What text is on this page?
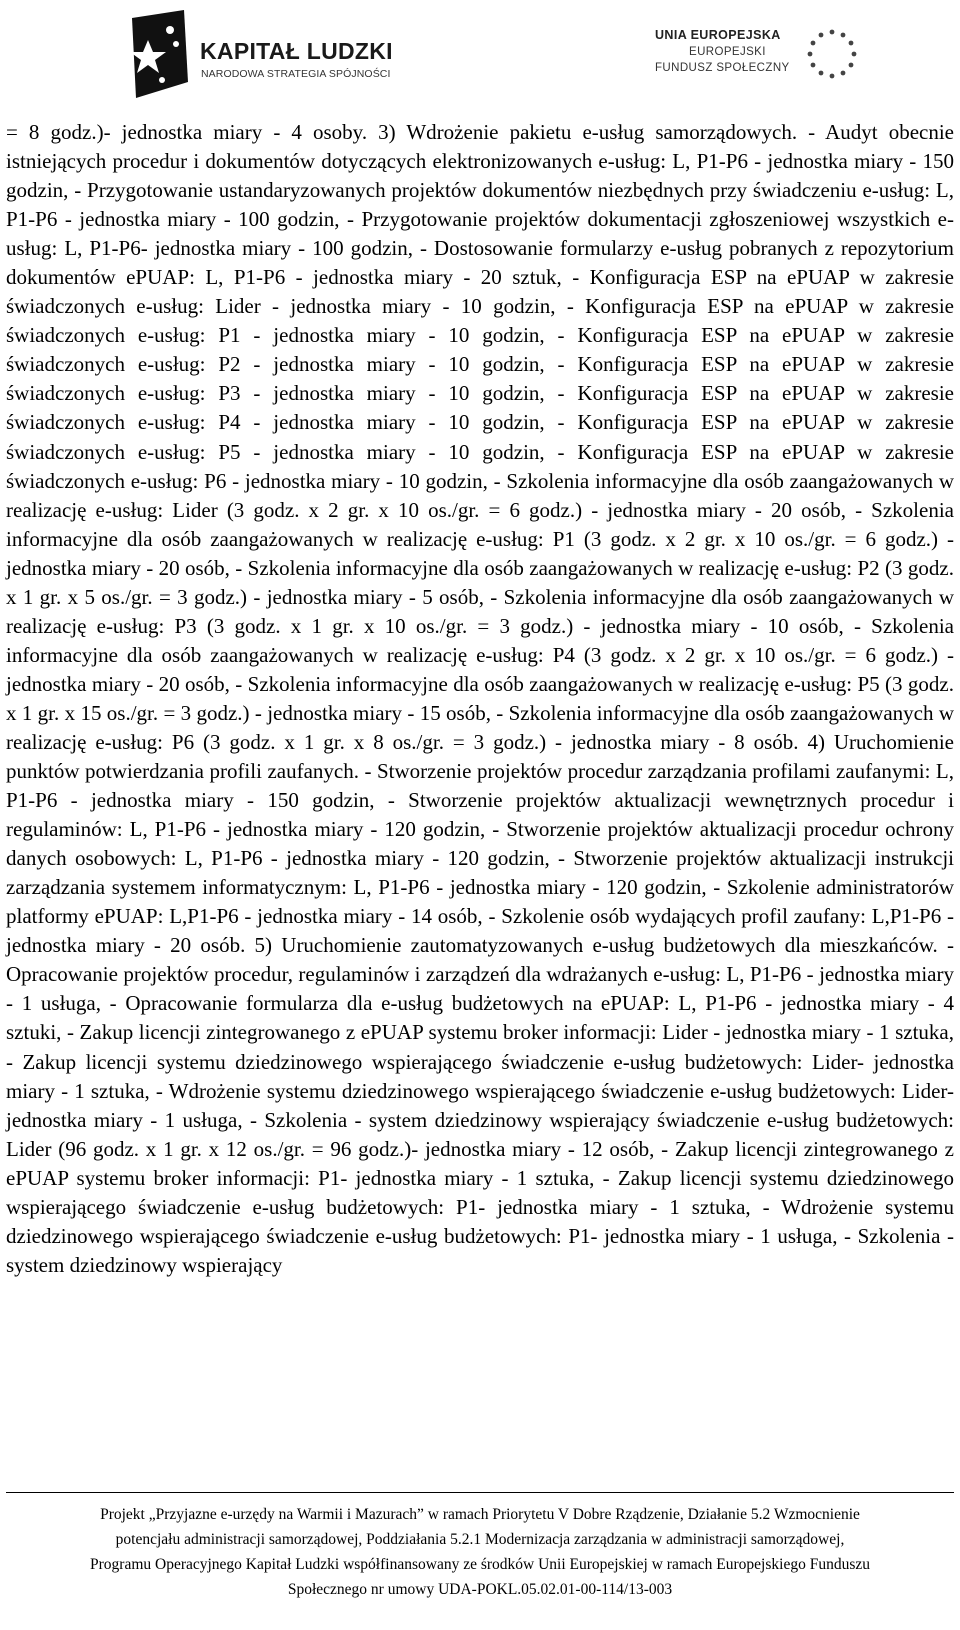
KAPITAŁ LUDZKI
NARODOWA STRATEGIA SPÓJNOŚCI
UNIA EUROPEJSKA
EUROPEJSKI
FUNDUSZ SPOŁECZNY

= 8 godz.)- jednostka miary - 4 osoby. 3) Wdrożenie pakietu e-usług samorządowych. - Audyt obecnie istniejących procedur i dokumentów dotyczących elektronizowanych e-usług: L, P1-P6 - jednostka miary - 150 godzin, - Przygotowanie ustandaryzowanych projektów dokumentów niezbędnych przy świadczeniu e-usług: L, P1-P6 - jednostka miary - 100 godzin, - Przygotowanie projektów dokumentacji zgłoszeniowej wszystkich e-usług: L, P1-P6- jednostka miary - 100 godzin, - Dostosowanie formularzy e-usług pobranych z repozytorium dokumentów ePUAP: L, P1-P6 - jednostka miary - 20 sztuk, - Konfiguracja ESP na ePUAP w zakresie świadczonych e-usług: Lider - jednostka miary - 10 godzin, - Konfiguracja ESP na ePUAP w zakresie świadczonych e-usług: P1 - jednostka miary - 10 godzin, - Konfiguracja ESP na ePUAP w zakresie świadczonych e-usług: P2 - jednostka miary - 10 godzin, - Konfiguracja ESP na ePUAP w zakresie świadczonych e-usług: P3 - jednostka miary - 10 godzin, - Konfiguracja ESP na ePUAP w zakresie świadczonych e-usług: P4 - jednostka miary - 10 godzin, - Konfiguracja ESP na ePUAP w zakresie świadczonych e-usług: P5 - jednostka miary - 10 godzin, - Konfiguracja ESP na ePUAP w zakresie świadczonych e-usług: P6 - jednostka miary - 10 godzin, - Szkolenia informacyjne dla osób zaangażowanych w realizację e-usług: Lider (3 godz. x 2 gr. x 10 os./gr. = 6 godz.) - jednostka miary - 20 osób, - Szkolenia informacyjne dla osób zaangażowanych w realizację e-usług: P1 (3 godz. x 2 gr. x 10 os./gr. = 6 godz.) - jednostka miary - 20 osób, - Szkolenia informacyjne dla osób zaangażowanych w realizację e-usług: P2 (3 godz. x 1 gr. x 5 os./gr. = 3 godz.) - jednostka miary - 5 osób, - Szkolenia informacyjne dla osób zaangażowanych w realizację e-usług: P3 (3 godz. x 1 gr. x 10 os./gr. = 3 godz.) - jednostka miary - 10 osób, - Szkolenia informacyjne dla osób zaangażowanych w realizację e-usług: P4 (3 godz. x 2 gr. x 10 os./gr. = 6 godz.) - jednostka miary - 20 osób, - Szkolenia informacyjne dla osób zaangażowanych w realizację e-usług: P5 (3 godz. x 1 gr. x 15 os./gr. = 3 godz.) - jednostka miary - 15 osób, - Szkolenia informacyjne dla osób zaangażowanych w realizację e-usług: P6 (3 godz. x 1 gr. x 8 os./gr. = 3 godz.) - jednostka miary - 8 osób. 4) Uruchomienie punktów potwierdzania profili zaufanych. - Stworzenie projektów procedur zarządzania profilami zaufanymi: L, P1-P6 - jednostka miary - 150 godzin, - Stworzenie projektów aktualizacji wewnętrznych procedur i regulaminów: L, P1-P6 - jednostka miary - 120 godzin, - Stworzenie projektów aktualizacji procedur ochrony danych osobowych: L, P1-P6 - jednostka miary - 120 godzin, - Stworzenie projektów aktualizacji instrukcji zarządzania systemem informatycznym: L, P1-P6 - jednostka miary - 120 godzin, - Szkolenie administratorów platformy ePUAP: L,P1-P6 - jednostka miary - 14 osób, - Szkolenie osób wydających profil zaufany: L,P1-P6 - jednostka miary - 20 osób. 5) Uruchomienie zautomatyzowanych e-usług budżetowych dla mieszkańców. - Opracowanie projektów procedur, regulaminów i zarządzeń dla wdrażanych e-usług: L, P1-P6 - jednostka miary - 1 usługa, - Opracowanie formularza dla e-usług budżetowych na ePUAP: L, P1-P6 - jednostka miary - 4 sztuki, - Zakup licencji zintegrowanego z ePUAP systemu broker informacji: Lider - jednostka miary - 1 sztuka, - Zakup licencji systemu dziedzinowego wspierającego świadczenie e-usług budżetowych: Lider- jednostka miary - 1 sztuka, - Wdrożenie systemu dziedzinowego wspierającego świadczenie e-usług budżetowych: Lider- jednostka miary - 1 usługa, - Szkolenia - system dziedzinowy wspierający świadczenie e-usług budżetowych: Lider (96 godz. x 1 gr. x 12 os./gr. = 96 godz.)- jednostka miary - 12 osób, - Zakup licencji zintegrowanego z ePUAP systemu broker informacji: P1- jednostka miary - 1 sztuka, - Zakup licencji systemu dziedzinowego wspierającego świadczenie e-usług budżetowych: P1- jednostka miary - 1 sztuka, - Wdrożenie systemu dziedzinowego wspierającego świadczenie e-usług budżetowych: P1- jednostka miary - 1 usługa, - Szkolenia - system dziedzinowy wspierający

Projekt „Przyjazne e-urzędy na Warmii i Mazurach” w ramach Priorytetu V Dobre Rządzenie, Działanie 5.2 Wzmocnienie
potencjału administracji samorządowej, Poddziałania 5.2.1 Modernizacja zarządzania w administracji samorządowej,
Programu Operacyjnego Kapitał Ludzki współfinansowany ze środków Unii Europejskiej w ramach Europejskiego Funduszu
Społecznego nr umowy UDA-POKL.05.02.01-00-114/13-003
